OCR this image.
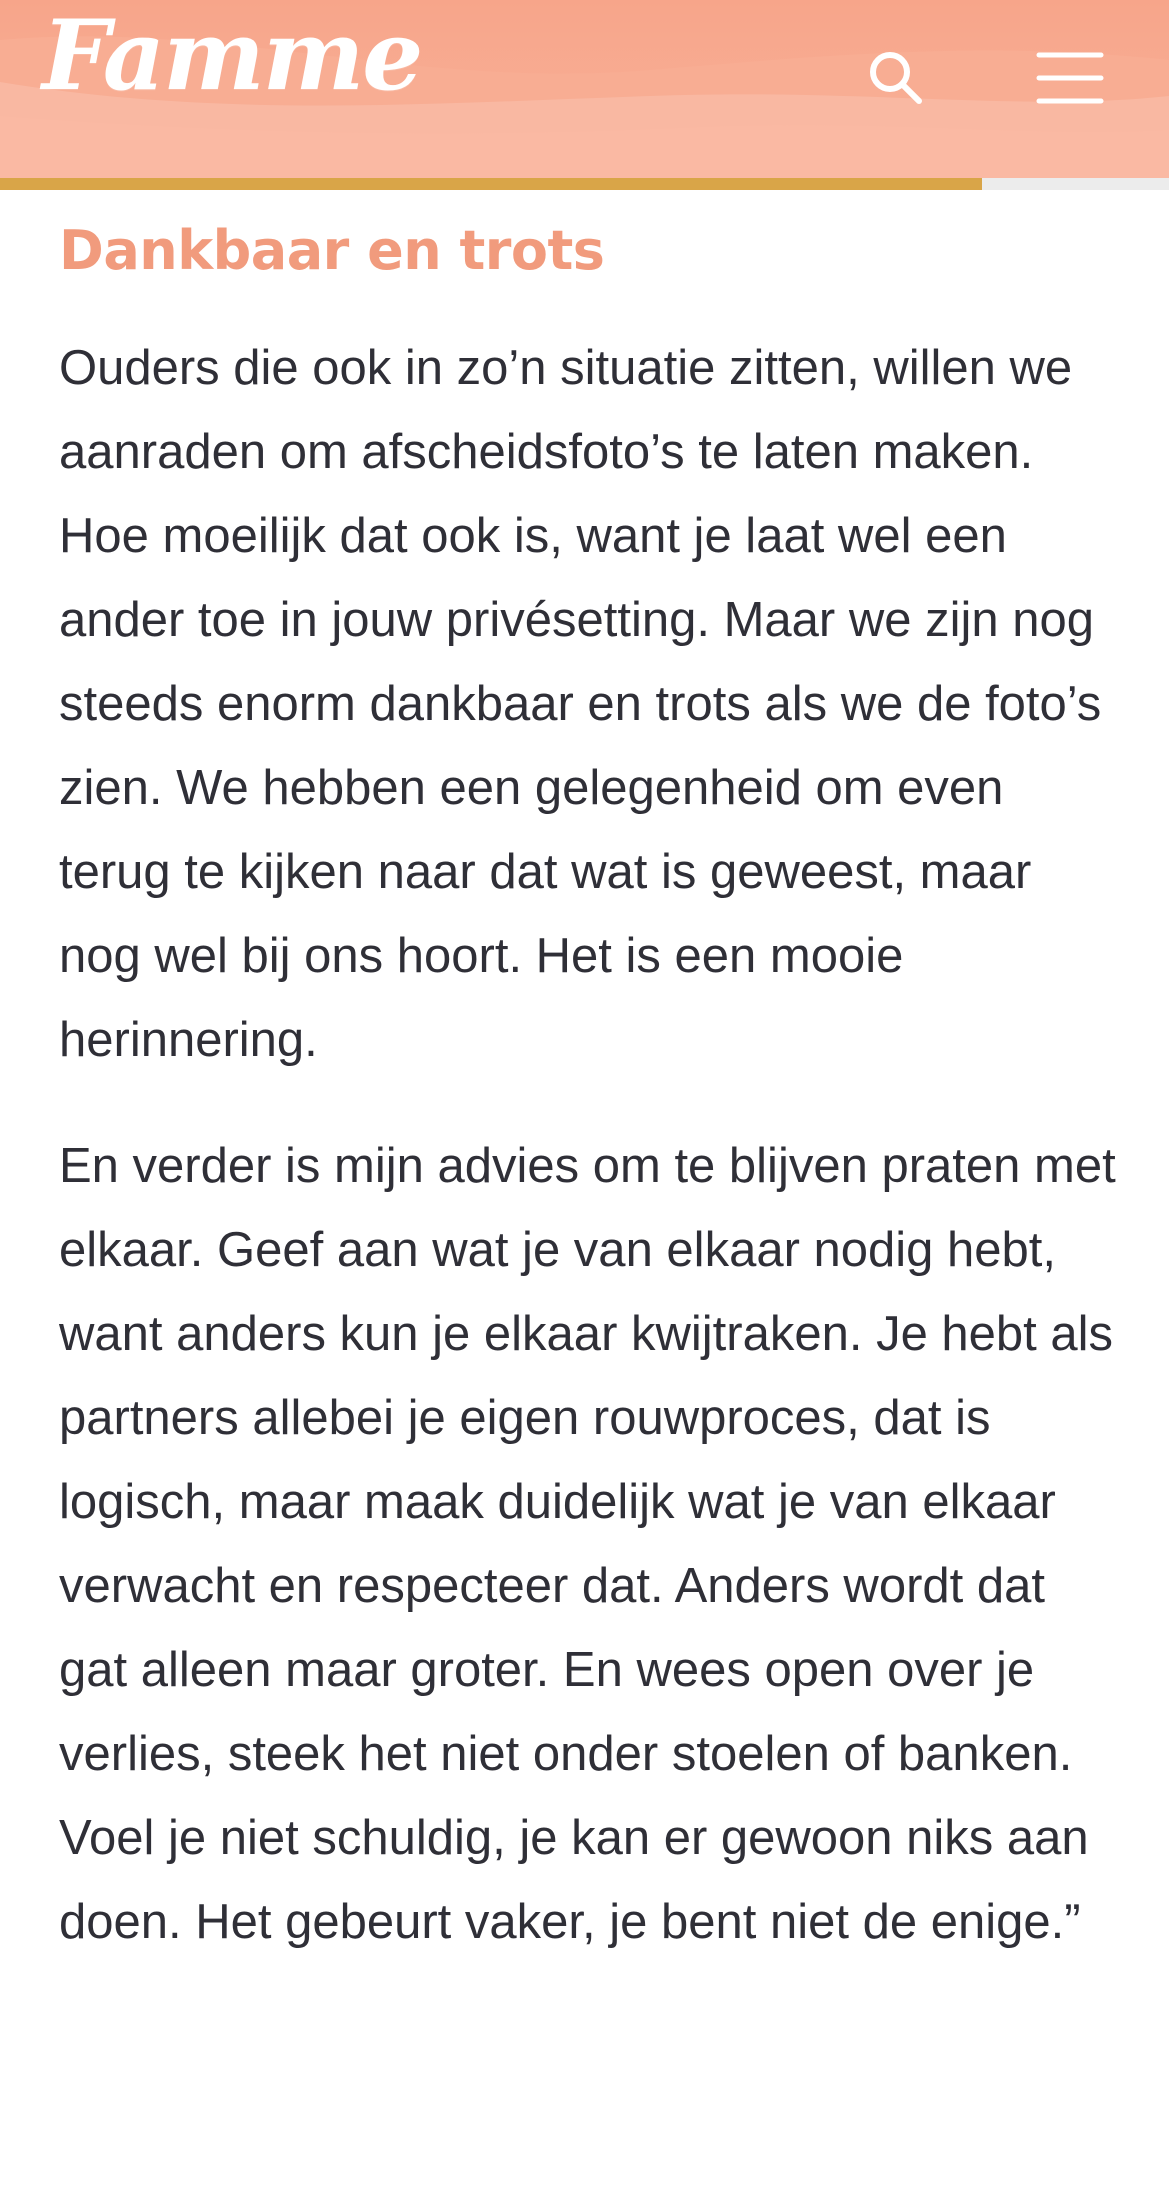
Famme
Dankbaar en trots

Ouders die ook in zo’n situatie zitten, willen we aanraden om afscheidsfoto’s te laten maken. Hoe moeilijk dat ook is, want je laat wel een ander toe in jouw privésetting. Maar we zijn nog steeds enorm dankbaar en trots als we de foto’s zien. We hebben een gelegenheid om even terug te kijken naar dat wat is geweest, maar nog wel bij ons hoort. Het is een mooie herinnering.

En verder is mijn advies om te blijven praten met elkaar. Geef aan wat je van elkaar nodig hebt, want anders kun je elkaar kwijtraken. Je hebt als partners allebei je eigen rouwproces, dat is logisch, maar maak duidelijk wat je van elkaar verwacht en respecteer dat. Anders wordt dat gat alleen maar groter. En wees open over je verlies, steek het niet onder stoelen of banken. Voel je niet schuldig, je kan er gewoon niks aan doen. Het gebeurt vaker, je bent niet de enige.”
